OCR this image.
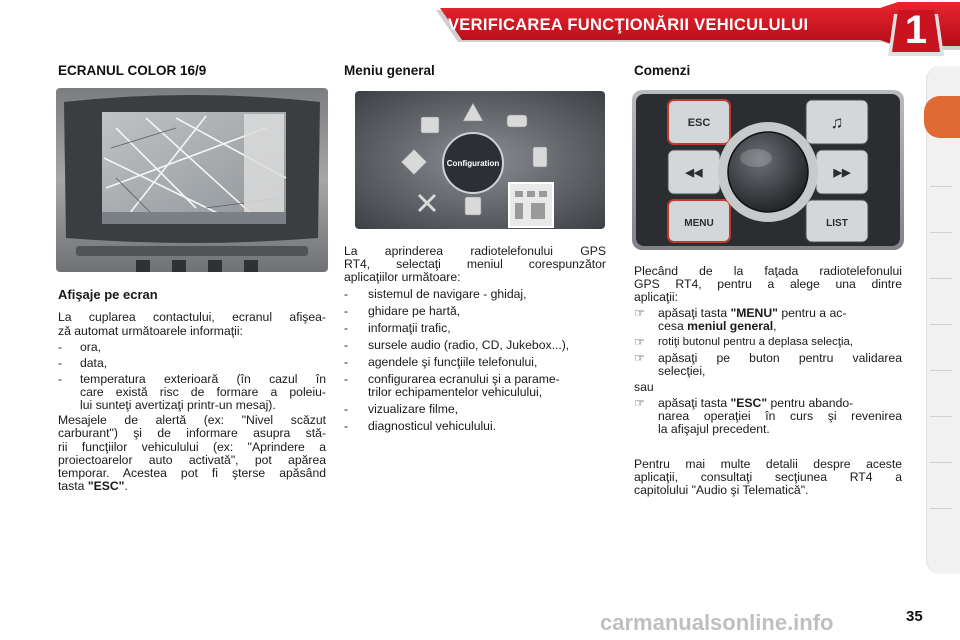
VERIFICAREA FUNCŢIONĂRII VEHICULULUI	1
ECRANUL COLOR 16/9
Afişaje pe ecran
La cuplarea contactului, ecranul afişea-
ză automat următoarele informaţii:
- ora,
- data,
- temperatura exterioară (în cazul în
care există risc de formare a poleiu-
lui sunteţi avertizaţi printr-un mesaj).
Mesajele de alertă (ex: "Nivel scăzut
carburant") şi de informare asupra stă-
rii funcţiilor vehiculului (ex: "Aprindere a
proiectoarelor auto activată", pot apărea
temporar. Acestea pot fi şterse apăsând
tasta "ESC".
Meniu general
Configuration
La aprinderea radiotelefonului GPS
RT4, selectaţi meniul corespunzător
aplicaţiilor următoare:
- sistemul de navigare - ghidaj,
- ghidare pe hartă,
- informaţii trafic,
- sursele audio (radio, CD, Jukebox...),
- agendele şi funcţiile telefonului,
- configurarea ecranului şi a parame-
trilor echipamentelor vehiculului,
- vizualizare filme,
- diagnosticul vehiculului.
Comenzi
ESC
MENU	LIST
♫
▲
▼
◀◀	▶▶
Plecând de la faţada radiotelefonului
GPS RT4, pentru a alege una dintre
aplicaţii:
☞ apăsaţi tasta "MENU" pentru a ac-
cesa meniul general,
☞ rotiţi butonul pentru a deplasa selecţia,
☞ apăsaţi pe buton pentru validarea
selecţiei,
sau
☞ apăsaţi tasta "ESC" pentru abando-
narea operaţiei în curs şi revenirea
la afişajul precedent.
Pentru mai multe detalii despre aceste
aplicaţii, consultaţi secţiunea RT4 a
capitolului "Audio şi Telematică".
35
carmanualsonline.info
